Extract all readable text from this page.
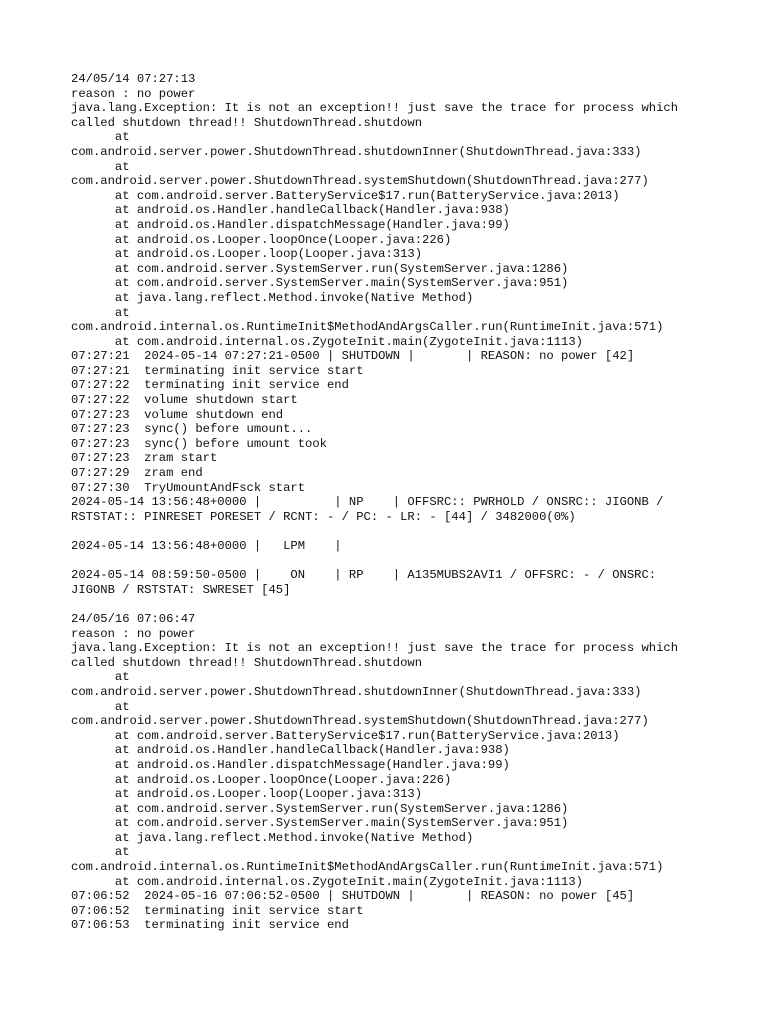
24/05/14 07:27:13
reason : no power
java.lang.Exception: It is not an exception!! just save the trace for process which
called shutdown thread!! ShutdownThread.shutdown
at
com.android.server.power.ShutdownThread.shutdownInner(ShutdownThread.java:333)
at
com.android.server.power.ShutdownThread.systemShutdown(ShutdownThread.java:277)
at com.android.server.BatteryService$17.run(BatteryService.java:2013)
at android.os.Handler.handleCallback(Handler.java:938)
at android.os.Handler.dispatchMessage(Handler.java:99)
at android.os.Looper.loopOnce(Looper.java:226)
at android.os.Looper.loop(Looper.java:313)
at com.android.server.SystemServer.run(SystemServer.java:1286)
at com.android.server.SystemServer.main(SystemServer.java:951)
at java.lang.reflect.Method.invoke(Native Method)
at
com.android.internal.os.RuntimeInit$MethodAndArgsCaller.run(RuntimeInit.java:571)
at com.android.internal.os.ZygoteInit.main(ZygoteInit.java:1113)
07:27:21  2024-05-14 07:27:21-0500 | SHUTDOWN |       | REASON: no power [42]
07:27:21  terminating init service start
07:27:22  terminating init service end
07:27:22  volume shutdown start
07:27:23  volume shutdown end
07:27:23  sync() before umount...
07:27:23  sync() before umount took
07:27:23  zram start
07:27:29  zram end
07:27:30  TryUmountAndFsck start
2024-05-14 13:56:48+0000 |          | NP    | OFFSRC:: PWRHOLD / ONSRC:: JIGONB /
RSTSTAT:: PINRESET PORESET / RCNT: - / PC: - LR: - [44] / 3482000(0%)
2024-05-14 13:56:48+0000 |   LPM    |
2024-05-14 08:59:50-0500 |    ON    | RP    | A135MUBS2AVI1 / OFFSRC: - / ONSRC:
JIGONB / RSTSTAT: SWRESET [45]
24/05/16 07:06:47
reason : no power
java.lang.Exception: It is not an exception!! just save the trace for process which
called shutdown thread!! ShutdownThread.shutdown
at
com.android.server.power.ShutdownThread.shutdownInner(ShutdownThread.java:333)
at
com.android.server.power.ShutdownThread.systemShutdown(ShutdownThread.java:277)
at com.android.server.BatteryService$17.run(BatteryService.java:2013)
at android.os.Handler.handleCallback(Handler.java:938)
at android.os.Handler.dispatchMessage(Handler.java:99)
at android.os.Looper.loopOnce(Looper.java:226)
at android.os.Looper.loop(Looper.java:313)
at com.android.server.SystemServer.run(SystemServer.java:1286)
at com.android.server.SystemServer.main(SystemServer.java:951)
at java.lang.reflect.Method.invoke(Native Method)
at
com.android.internal.os.RuntimeInit$MethodAndArgsCaller.run(RuntimeInit.java:571)
at com.android.internal.os.ZygoteInit.main(ZygoteInit.java:1113)
07:06:52  2024-05-16 07:06:52-0500 | SHUTDOWN |       | REASON: no power [45]
07:06:52  terminating init service start
07:06:53  terminating init service end
